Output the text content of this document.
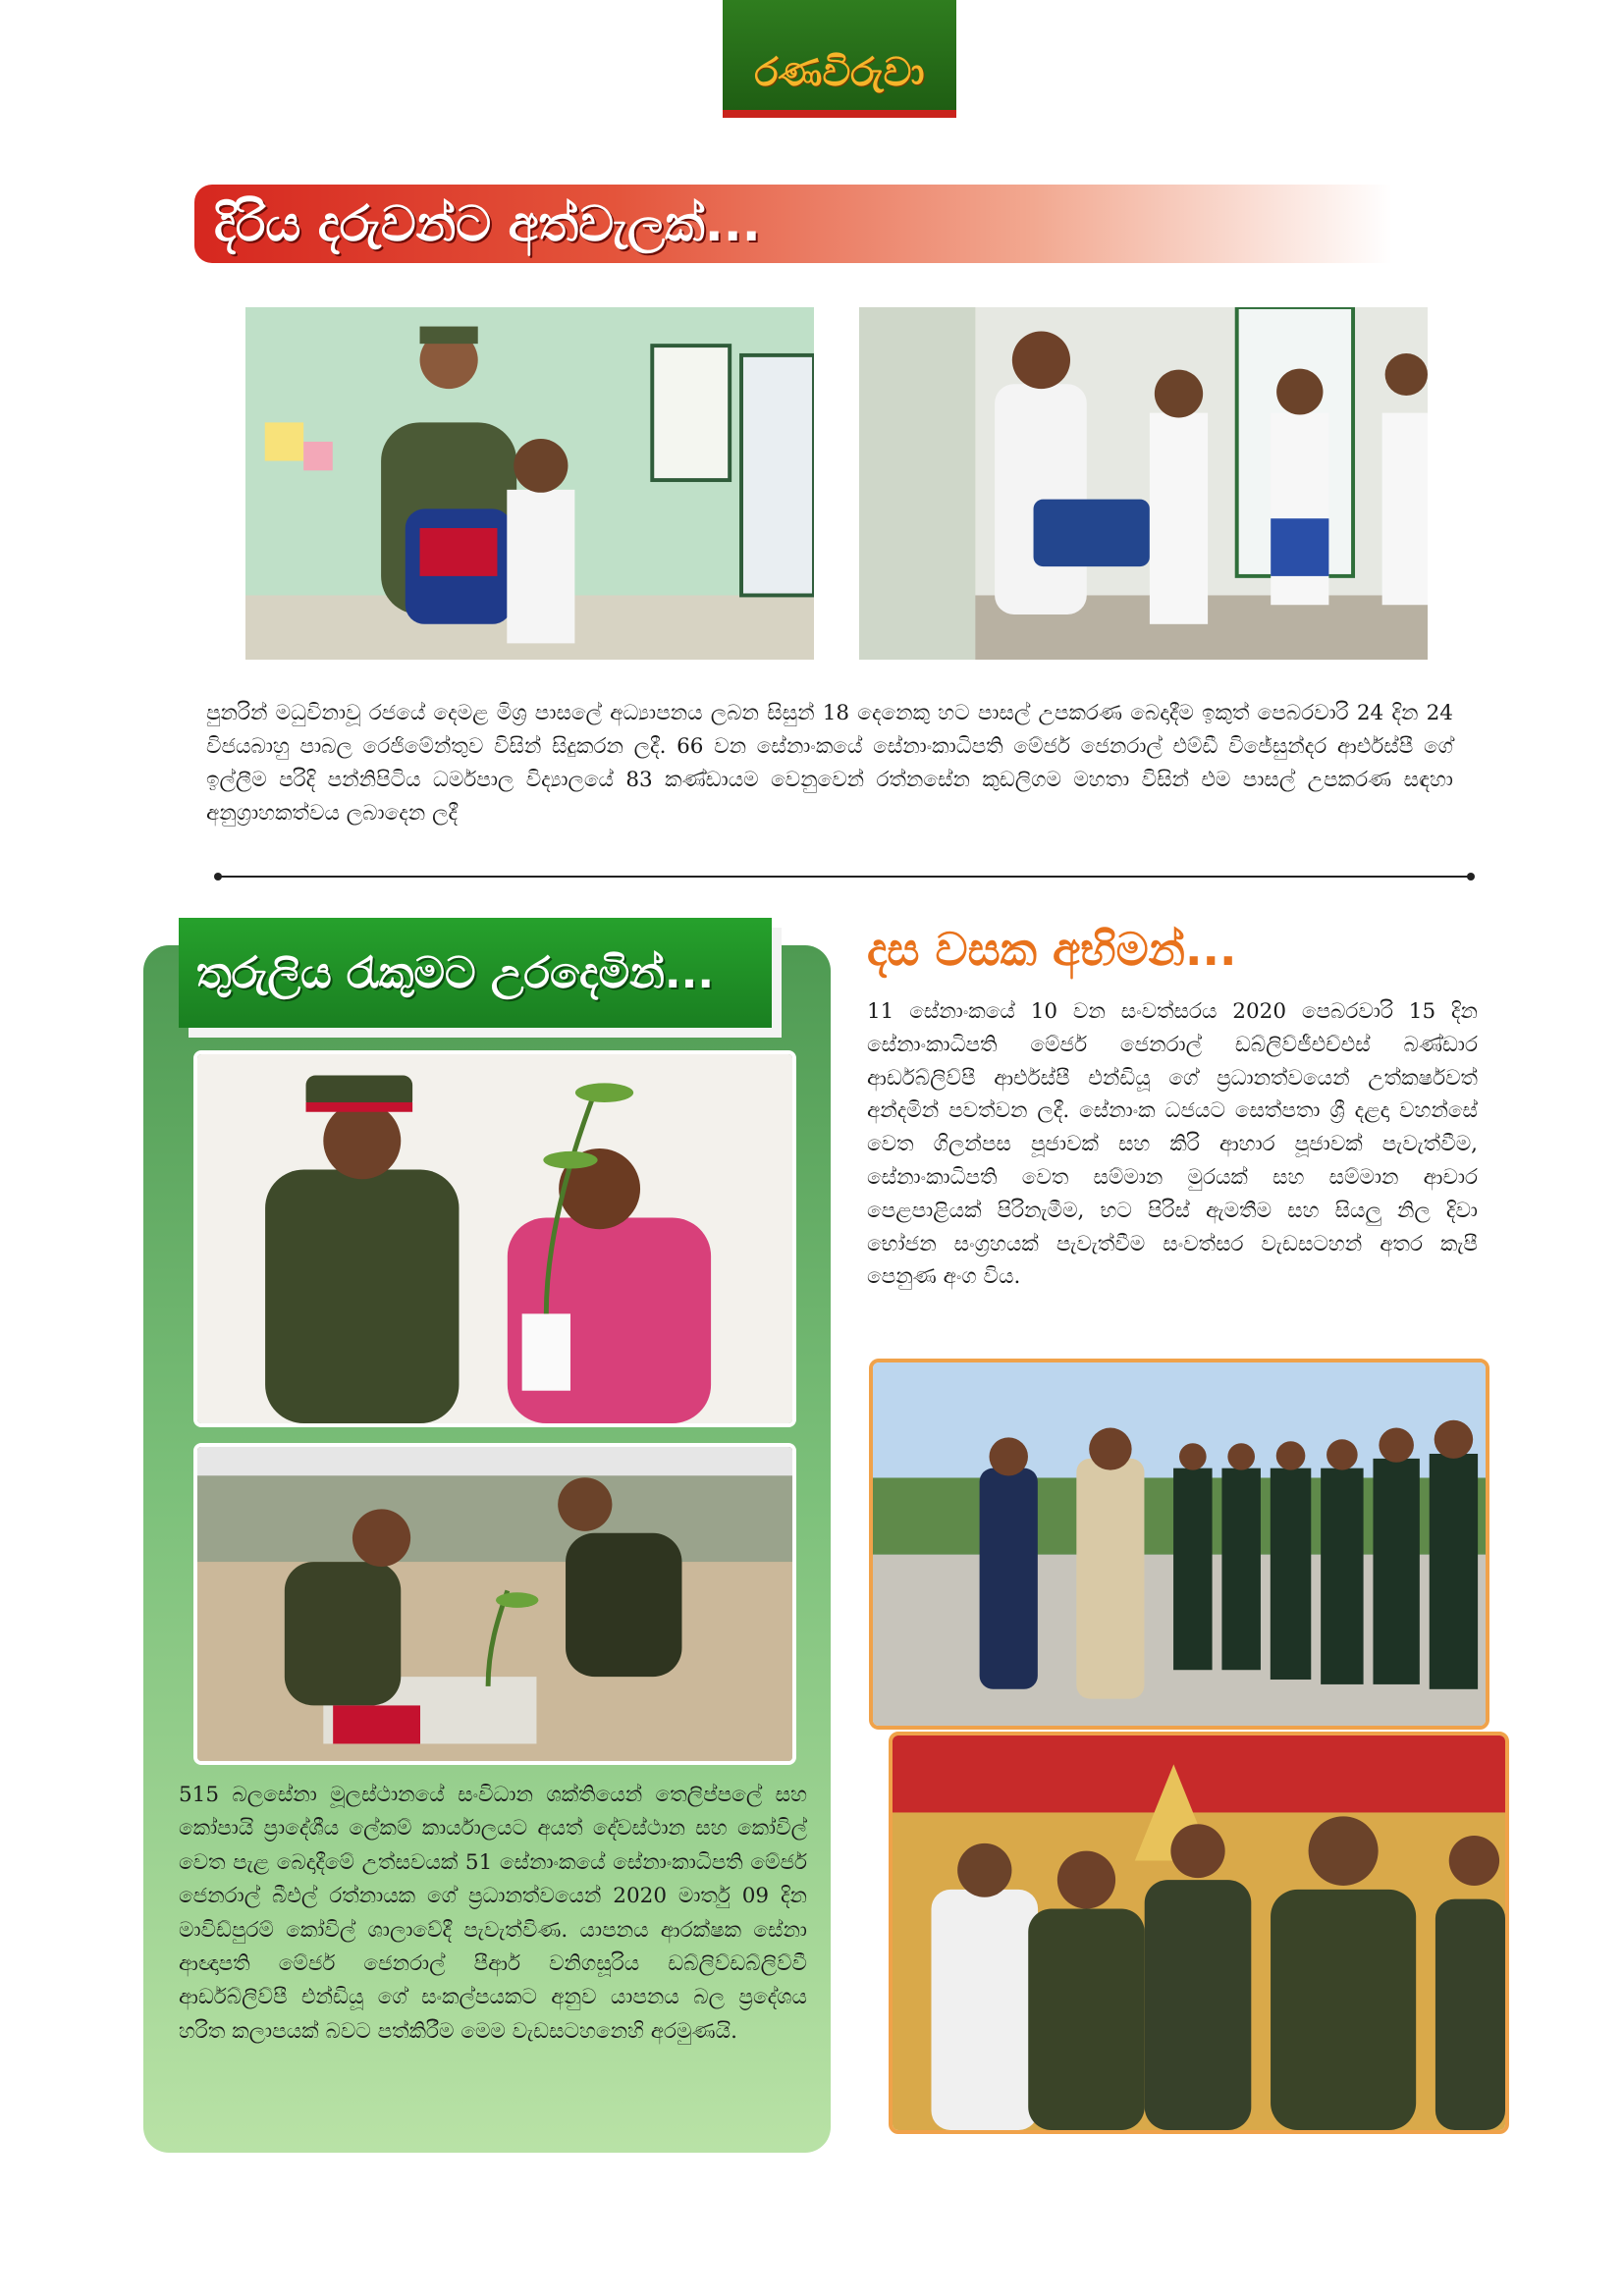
රණවිරුවා
දිරිය දරුවන්ට අත්වැලක්...

පුනරින් මධුවිනාවූ රජයේ දෙමළ මිශ්‍ර පාසලේ අධ්‍යාපනය ලබන සිසුන් 18 දෙනෙකු හට පාසල් උපකරණ බෙදාදීම ඉකුත් පෙබරවාරි 24 දින 24 විජයබාහු පාබල රෙජිමේන්තුව විසින් සිදුකරන ලදී. 66 වන සේනාංකයේ සේනාංකාධිපති මේජර් ජෙනරාල් එම්ඩී විජේසුන්දර ආර්එස්පී ගේ ඉල්ලීම පරිදි පන්නිපිටිය ධර්මපාල විද්‍යාලයේ 83 කණ්ඩායම වෙනුවෙන් රත්නසේන කුඩලිගම මහතා විසින් එම පාසල් උපකරණ සඳහා අනුග්‍රාහකත්වය ලබාදෙන ලදී

තුරුලිය රැකුමට උරදෙමින්...

515 බලසේනා මූලස්ථානයේ සංවිධාන ශක්තියෙන් තෙලිප්පලේ සහ කෝපායි ප්‍රාදේශීය ලේකම් කාර්යාලයට අයත් දේවස්ථාන සහ කෝවිල් වෙත පැළ බෙදාදීමේ උත්සවයක් 51 සේනාංකයේ සේනාංකාධිපති මේජර් ජෙනරාල් බීඑල් රත්නායක ගේ ප්‍රධානත්වයෙන් 2020 මාර්තු 09 දින මාවිඩ්පුරම් කෝවිල් ශාලාවේදී පැවැත්විණ. යාපනය ආරක්ෂක සේනා ආඥාපති මේජර් ජෙනරාල් පීආර් වනිගසූරිය ඩබ්ලිව්ඩබ්ලිව්වී ආර්ඩබ්ලිව්පී එන්ඩියූ ගේ සංකල්පයකට අනුව යාපනය බල ප්‍රදේශය හරිත කලාපයක් බවට පත්කිරීම මෙම වැඩසටහනෙහි අරමුණයි.

දස වසක අභිමන්...

11 සේනාංකයේ 10 වන සංවත්සරය 2020 පෙබරවාරි 15 දින සේනාංකාධිපති මේජර් ජෙනරාල් ඩබ්ලිව්ජීඑච්එස් බණ්ඩාර ආර්ඩබ්ලිව්පී ආර්එස්පී එන්ඩියූ ගේ ප්‍රධානත්වයෙන් උත්කර්ෂවත් අන්දමින් පවත්වන ලදී. සේනාංක ධජයට සෙත්පතා ශ්‍රී දළදා වහන්සේ වෙත ගිලන්පස පූජාවක් සහ කිරි ආහාර පූජාවක් පැවැත්වීම, සේනාංකාධිපති වෙත සම්මාන මුරයක් සහ සම්මාන ආචාර පෙළපාළියක් පිරිනැමීම, භට පිරිස් ඇමතීම සහ සියලු නිල දිවා භෝජන සංග්‍රහයක් පැවැත්වීම සංවත්සර වැඩසටහන් අතර කැපී පෙනුණ අංග විය.
